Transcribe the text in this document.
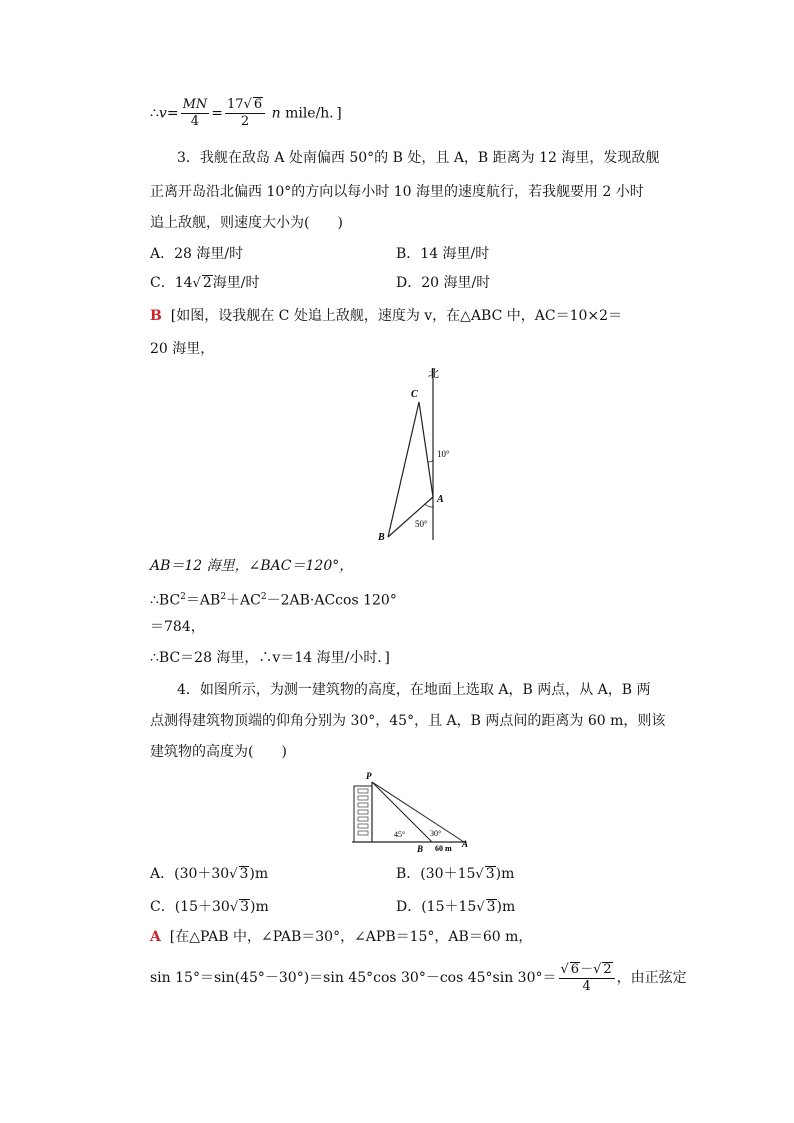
∴v= $\frac{MN}{4} = \frac{17√ 6}{2}$ n mile/h．]
3．我舰在敌岛 A 处南偏西 50°的 B 处，且 A，B 距离为 12 海里，发现敌舰
正离开岛沿北偏西 10°的方向以每小时 10 海里的速度航行，若我舰要用 2 小时
追上敌舰，则速度大小为(　　)
A．28 海里/时	B．14 海里/时
C．14√ 2海里/时	D．20 海里/时
B [如图，设我舰在 C 处追上敌舰，速度为 v，在△ABC 中，AC＝10×2＝
20 海里，
北
C
10°
A
50°
B
AB＝12 海里，∠BAC＝120°，
$\therefore BC^2=AB^2+AC^2-2AB\cdot ACcos$ 120°
＝784，
∴BC＝28 海里，∴v＝14 海里/小时．]
4．如图所示，为测一建筑物的高度，在地面上选取 A，B 两点，从 A，B 两
点测得建筑物顶端的仰角分别为 30°，45°，且 A，B 两点间的距离为 60 m，则该
建筑物的高度为(　　)
P
45°	30°
B 60 m A
A．(30＋30√ 3)m	B．(30＋15√ 3)m
C．(15＋30√ 3)m	D．(15＋15√ 3)m
A [在△PAB 中，∠PAB＝30°，∠APB＝15°，AB＝60 m，
sin 15°＝sin(45°－30°)＝sin 45°cos 30°－cos 45°sin $30^\circ= \frac{√ 6-√ 2}{4}$ ，由正弦定
